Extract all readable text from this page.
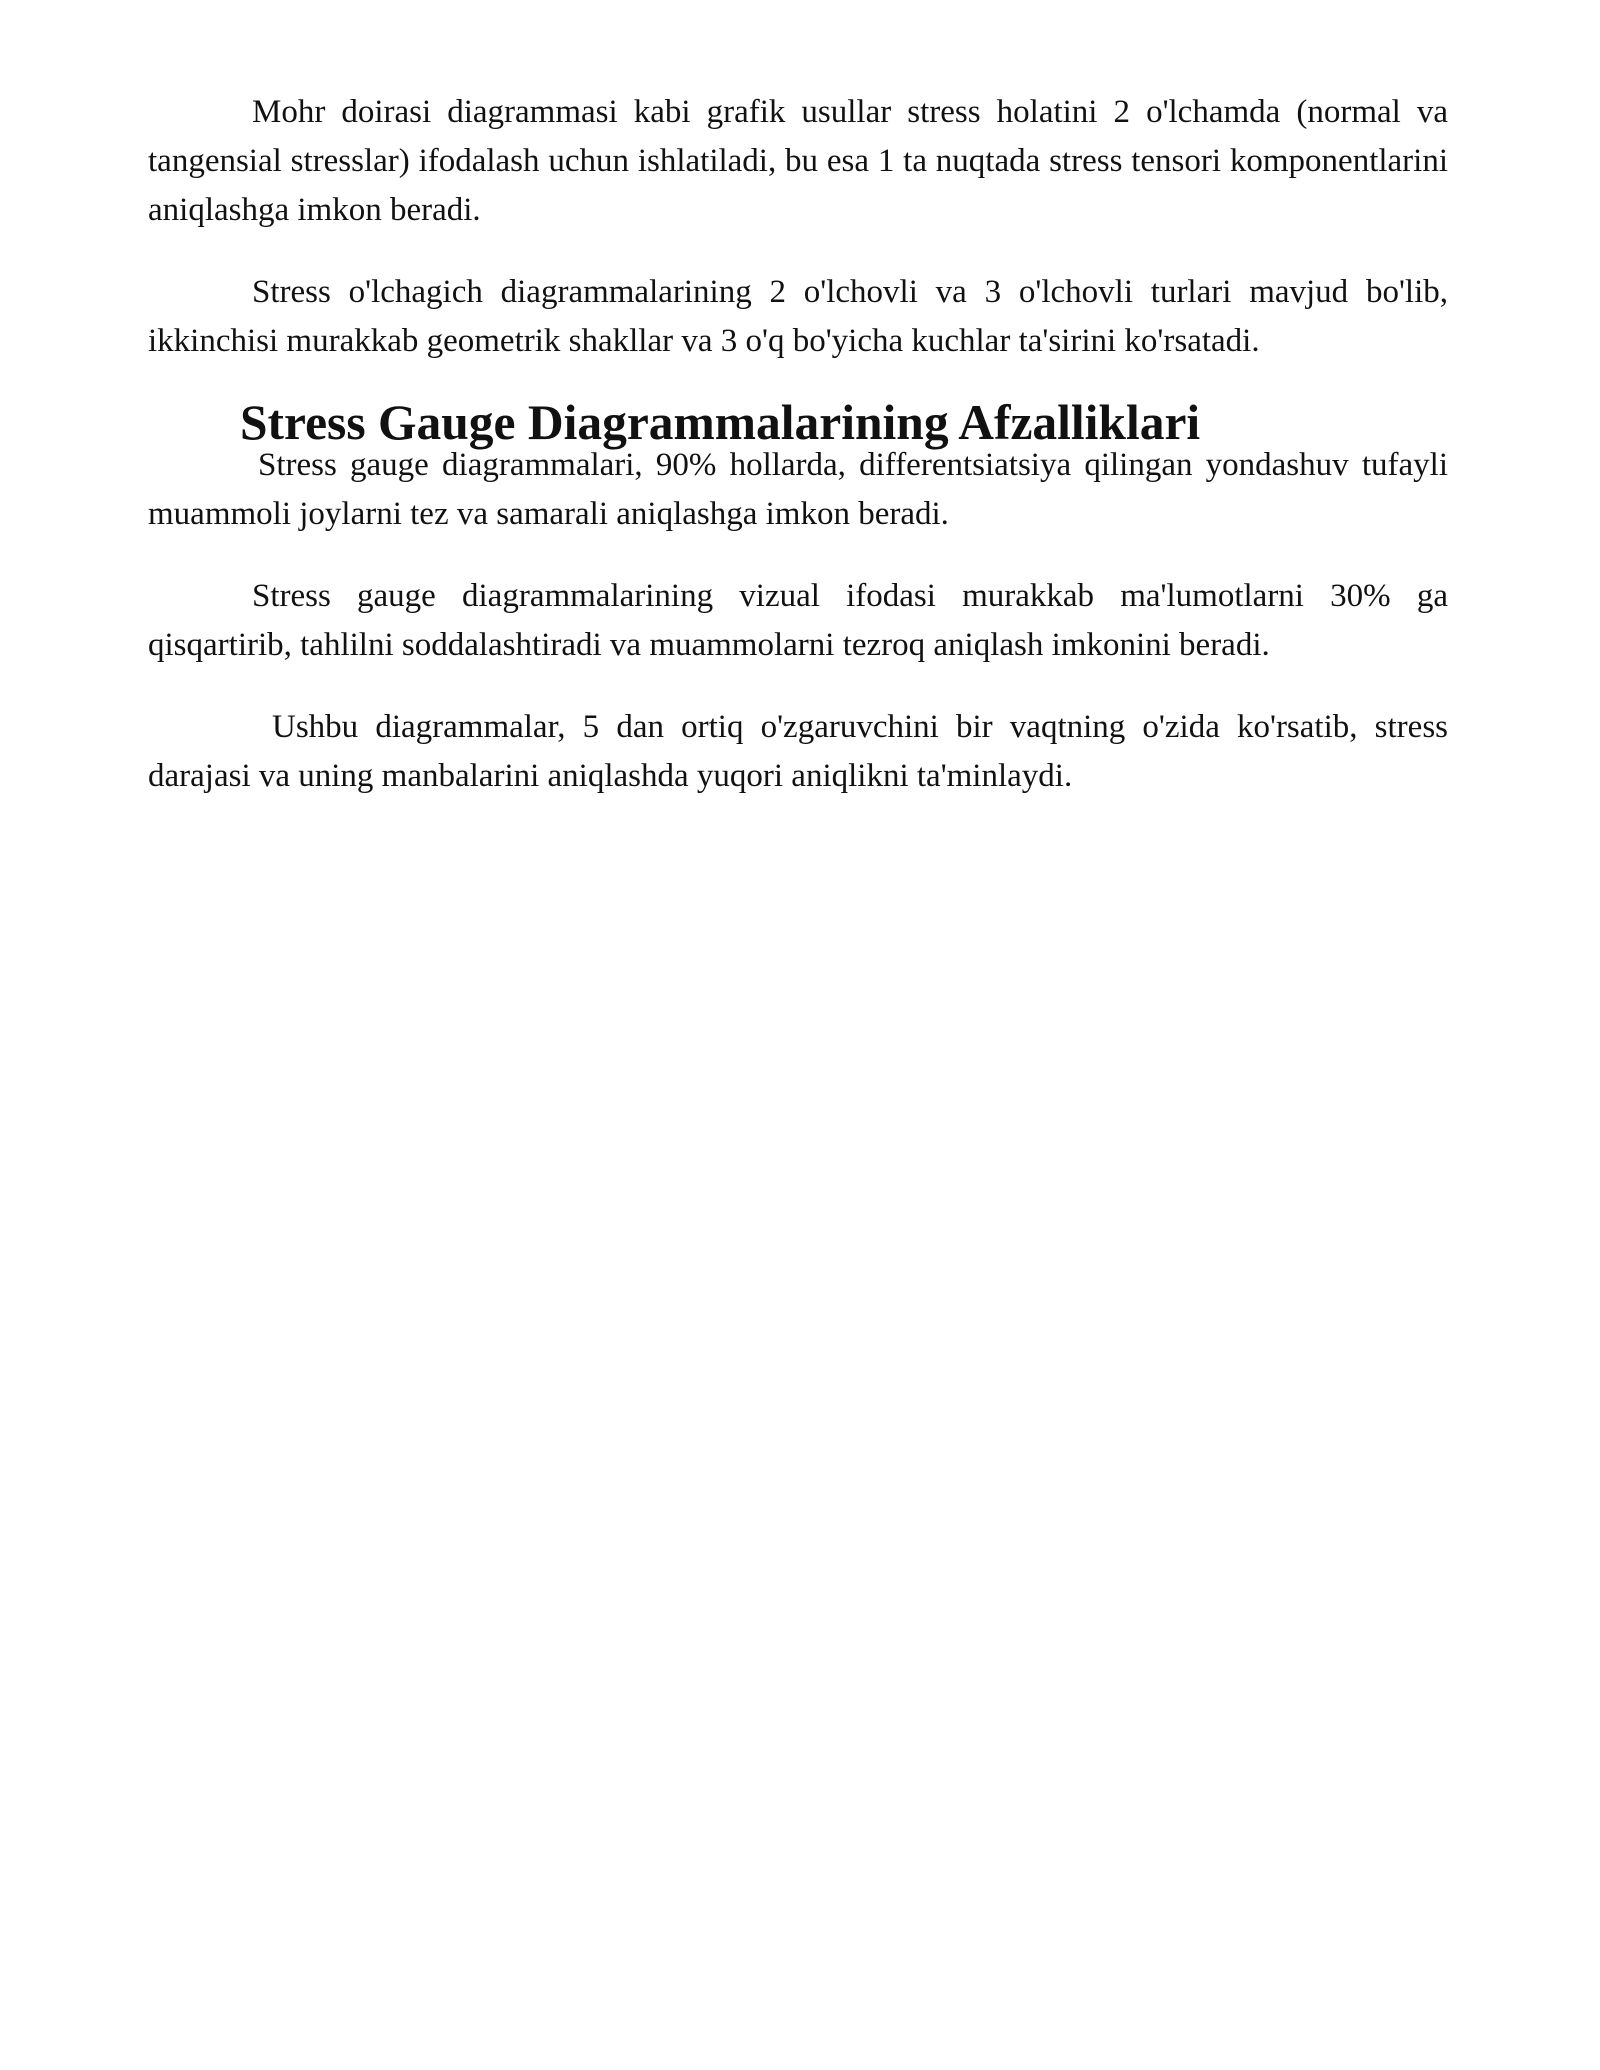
Mohr doirasi diagrammasi kabi grafik usullar stress holatini 2 o'lchamda (normal va tangensial stresslar) ifodalash uchun ishlatiladi, bu esa 1 ta nuqtada stress tensori komponentlarini aniqlashga imkon beradi.

Stress o'lchagich diagrammalarining 2 o'lchovli va 3 o'lchovli turlari mavjud bo'lib, ikkinchisi murakkab geometrik shakllar va 3 o'q bo'yicha kuchlar ta'sirini ko'rsatadi.

Stress Gauge Diagrammalarining Afzalliklari

Stress gauge diagrammalari, 90% hollarda, differentsiatsiya qilingan yondashuv tufayli muammoli joylarni tez va samarali aniqlashga imkon beradi.

Stress gauge diagrammalarining vizual ifodasi murakkab ma'lumotlarni 30% ga qisqartirib, tahlilni soddalashtiradi va muammolarni tezroq aniqlash imkonini beradi.

Ushbu diagrammalar, 5 dan ortiq o'zgaruvchini bir vaqtning o'zida ko'rsatib, stress darajasi va uning manbalarini aniqlashda yuqori aniqlikni ta'minlaydi.
